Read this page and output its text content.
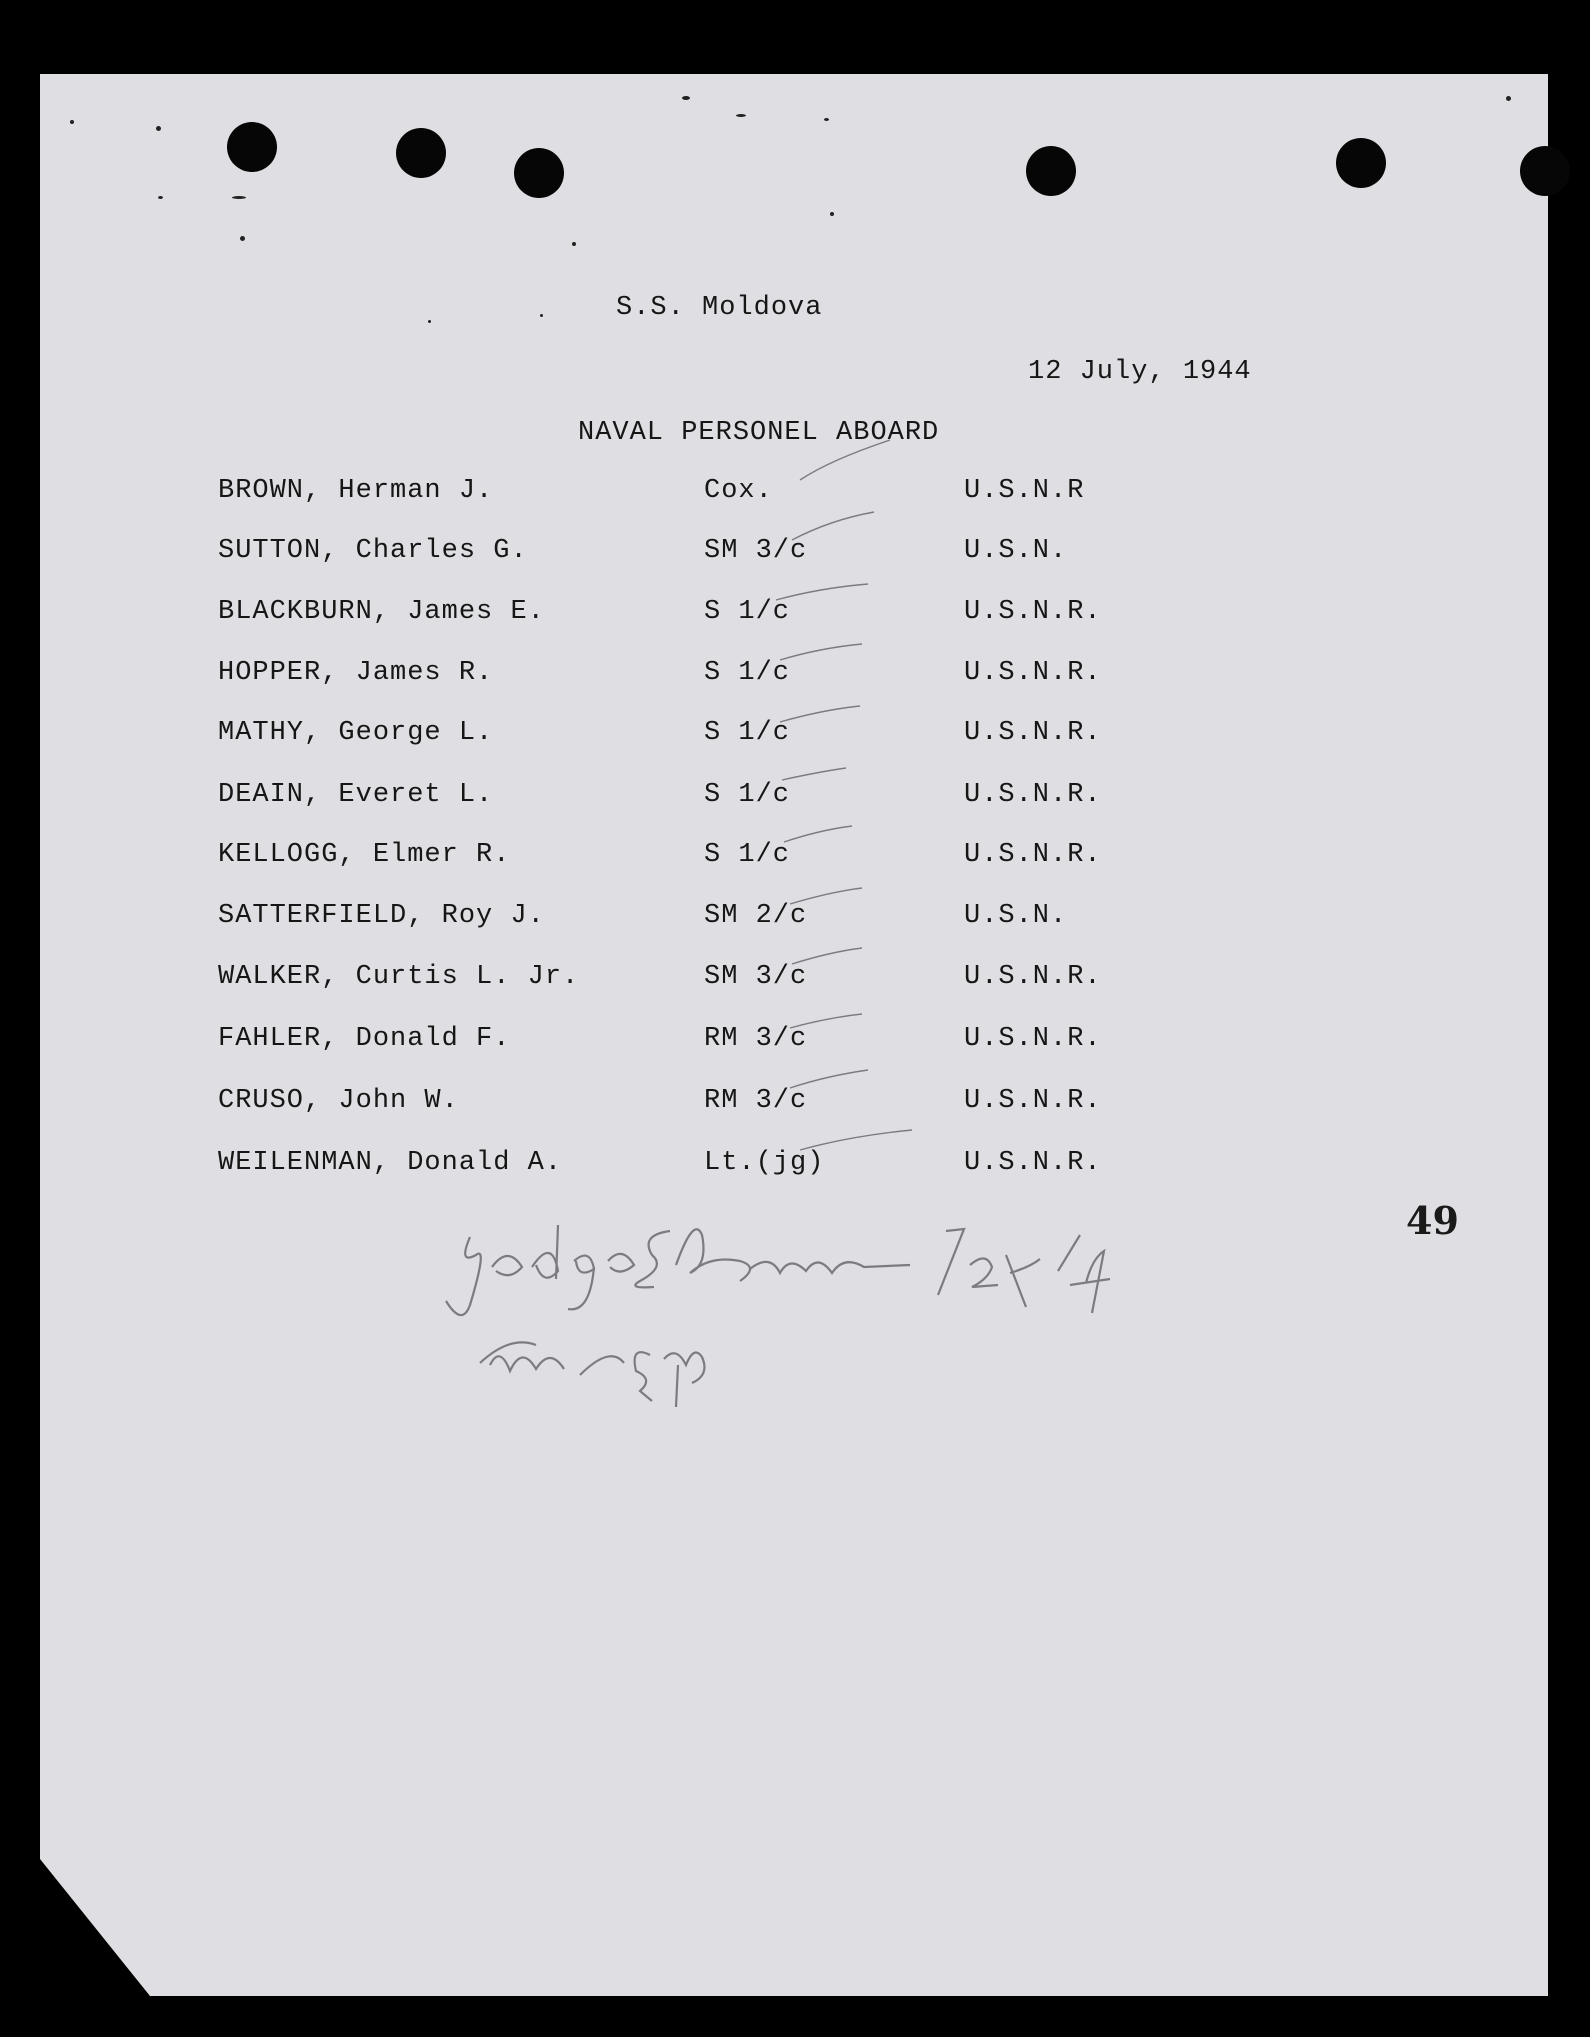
S.S. Moldova
12 July, 1944
NAVAL PERSONEL ABOARD
BROWN, Herman J.	Cox.	U.S.N.R
SUTTON, Charles G.	SM 3/c	U.S.N.
BLACKBURN, James E.	S 1/c	U.S.N.R.
HOPPER, James R.	S 1/c	U.S.N.R.
MATHY, George L.	S 1/c	U.S.N.R.
DEAIN, Everet L.	S 1/c	U.S.N.R.
KELLOGG, Elmer R.	S 1/c	U.S.N.R.
SATTERFIELD, Roy J.	SM 2/c	U.S.N.
WALKER, Curtis L. Jr.	SM 3/c	U.S.N.R.
FAHLER, Donald F.	RM 3/c	U.S.N.R.
CRUSO, John W.	RM 3/c	U.S.N.R.
WEILENMAN, Donald A.	Lt.(jg)	U.S.N.R.
49
